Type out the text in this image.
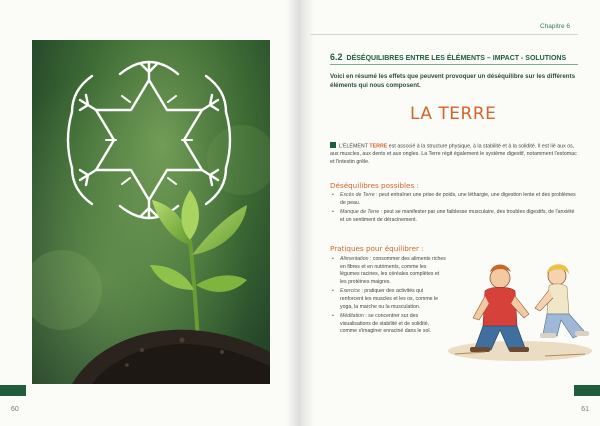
60	61
Chapitre 6
6.2 DÉSÉQUILIBRES ENTRE LES ÉLÉMENTS – IMPACT - SOLUTIONS

Voici en résumé les effets que peuvent provoquer un déséquilibre sur les différents éléments qui nous composent.

LA TERRE

L'ÉLÉMENT TERRE est associé à la structure physique, à la stabilité et à la solidité. Il est lié aux os, aux muscles, aux dents et aux ongles. La Terre régit également le système digestif, notamment l'estomac et l'intestin grêle.

Déséquilibres possibles :
• Excès de Terre : peut entraîner une prise de poids, une léthargie, une digestion lente et des problèmes de peau.
• Manque de Terre : peut se manifester par une faiblesse musculaire, des troubles digestifs, de l'anxiété et un sentiment de déracinement.
Pratiques pour équilibrer :
• Alimentation : consommer des aliments riches en fibres et en nutriments, comme les légumes racines, les céréales complètes et les protéines maigres.
• Exercice : pratiquer des activités qui renforcent les muscles et les os, comme le yoga, la marche ou la musculation.
• Méditation : se concentrer sur des visualisations de stabilité et de solidité, comme s'imaginer enraciné dans le sol.
